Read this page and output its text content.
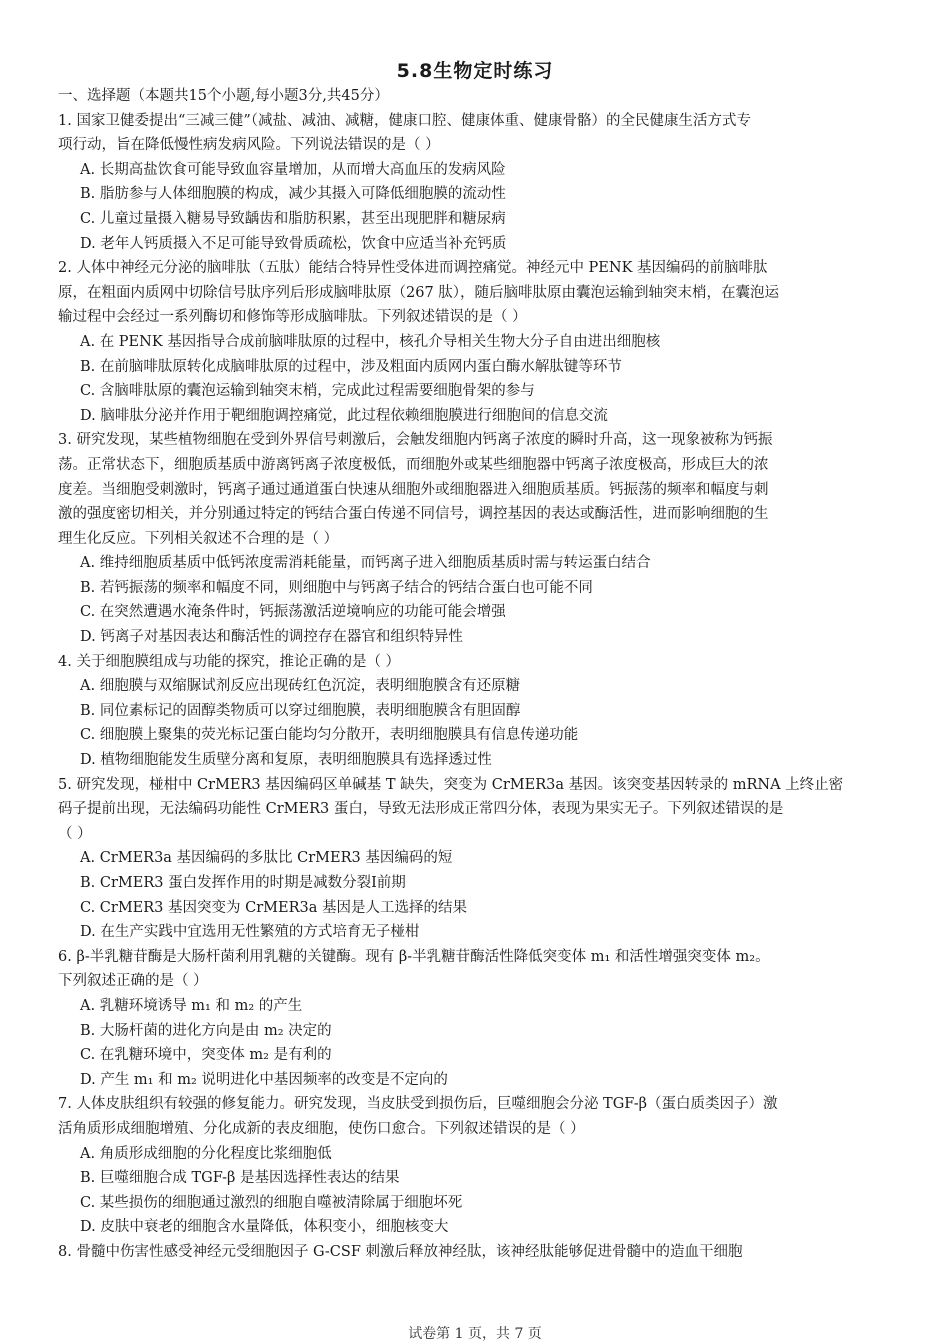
5.8生物定时练习
一、选择题（本题共15个小题,每小题3分,共45分）
1. 国家卫健委提出“三减三健”（减盐、减油、减糖，健康口腔、健康体重、健康骨骼）的全民健康生活方式专
项行动，旨在降低慢性病发病风险。下列说法错误的是（ ）
A. 长期高盐饮食可能导致血容量增加，从而增大高血压的发病风险
B. 脂肪参与人体细胞膜的构成，减少其摄入可降低细胞膜的流动性
C. 儿童过量摄入糖易导致龋齿和脂肪积累，甚至出现肥胖和糖尿病
D. 老年人钙质摄入不足可能导致骨质疏松，饮食中应适当补充钙质
2. 人体中神经元分泌的脑啡肽（五肽）能结合特异性受体进而调控痛觉。神经元中 PENK 基因编码的前脑啡肽
原，在粗面内质网中切除信号肽序列后形成脑啡肽原（267 肽），随后脑啡肽原由囊泡运输到轴突末梢，在囊泡运
输过程中会经过一系列酶切和修饰等形成脑啡肽。下列叙述错误的是（ ）
A. 在 PENK 基因指导合成前脑啡肽原的过程中，核孔介导相关生物大分子自由进出细胞核
B. 在前脑啡肽原转化成脑啡肽原的过程中，涉及粗面内质网内蛋白酶水解肽键等环节
C. 含脑啡肽原的囊泡运输到轴突末梢，完成此过程需要细胞骨架的参与
D. 脑啡肽分泌并作用于靶细胞调控痛觉，此过程依赖细胞膜进行细胞间的信息交流
3. 研究发现，某些植物细胞在受到外界信号刺激后，会触发细胞内钙离子浓度的瞬时升高，这一现象被称为钙振
荡。正常状态下，细胞质基质中游离钙离子浓度极低，而细胞外或某些细胞器中钙离子浓度极高，形成巨大的浓
度差。当细胞受刺激时，钙离子通过通道蛋白快速从细胞外或细胞器进入细胞质基质。钙振荡的频率和幅度与刺
激的强度密切相关，并分别通过特定的钙结合蛋白传递不同信号，调控基因的表达或酶活性，进而影响细胞的生
理生化反应。下列相关叙述不合理的是（ ）
A. 维持细胞质基质中低钙浓度需消耗能量，而钙离子进入细胞质基质时需与转运蛋白结合
B. 若钙振荡的频率和幅度不同，则细胞中与钙离子结合的钙结合蛋白也可能不同
C. 在突然遭遇水淹条件时，钙振荡激活逆境响应的功能可能会增强
D. 钙离子对基因表达和酶活性的调控存在器官和组织特异性
4. 关于细胞膜组成与功能的探究，推论正确的是（ ）
A. 细胞膜与双缩脲试剂反应出现砖红色沉淀，表明细胞膜含有还原糖
B. 同位素标记的固醇类物质可以穿过细胞膜，表明细胞膜含有胆固醇
C. 细胞膜上聚集的荧光标记蛋白能均匀分散开，表明细胞膜具有信息传递功能
D. 植物细胞能发生质壁分离和复原，表明细胞膜具有选择透过性
5. 研究发现，椪柑中 CrMER3 基因编码区单碱基 T 缺失，突变为 CrMER3a 基因。该突变基因转录的 mRNA 上终止密
码子提前出现，无法编码功能性 CrMER3 蛋白，导致无法形成正常四分体，表现为果实无子。下列叙述错误的是
（ ）
A. CrMER3a 基因编码的多肽比 CrMER3 基因编码的短
B. CrMER3 蛋白发挥作用的时期是减数分裂Ⅰ前期
C. CrMER3 基因突变为 CrMER3a 基因是人工选择的结果
D. 在生产实践中宜选用无性繁殖的方式培育无子椪柑
6. β-半乳糖苷酶是大肠杆菌利用乳糖的关键酶。现有 β-半乳糖苷酶活性降低突变体 m₁ 和活性增强突变体 m₂。
下列叙述正确的是（ ）
A. 乳糖环境诱导 m₁ 和 m₂ 的产生
B. 大肠杆菌的进化方向是由 m₂ 决定的
C. 在乳糖环境中，突变体 m₂ 是有利的
D. 产生 m₁ 和 m₂ 说明进化中基因频率的改变是不定向的
7. 人体皮肤组织有较强的修复能力。研究发现，当皮肤受到损伤后，巨噬细胞会分泌 TGF-β（蛋白质类因子）激
活角质形成细胞增殖、分化成新的表皮细胞，使伤口愈合。下列叙述错误的是（ ）
A. 角质形成细胞的分化程度比浆细胞低
B. 巨噬细胞合成 TGF-β 是基因选择性表达的结果
C. 某些损伤的细胞通过激烈的细胞自噬被清除属于细胞坏死
D. 皮肤中衰老的细胞含水量降低，体积变小，细胞核变大
8. 骨髓中伤害性感受神经元受细胞因子 G-CSF 刺激后释放神经肽，该神经肽能够促进骨髓中的造血干细胞
试卷第 1 页，共 7 页
